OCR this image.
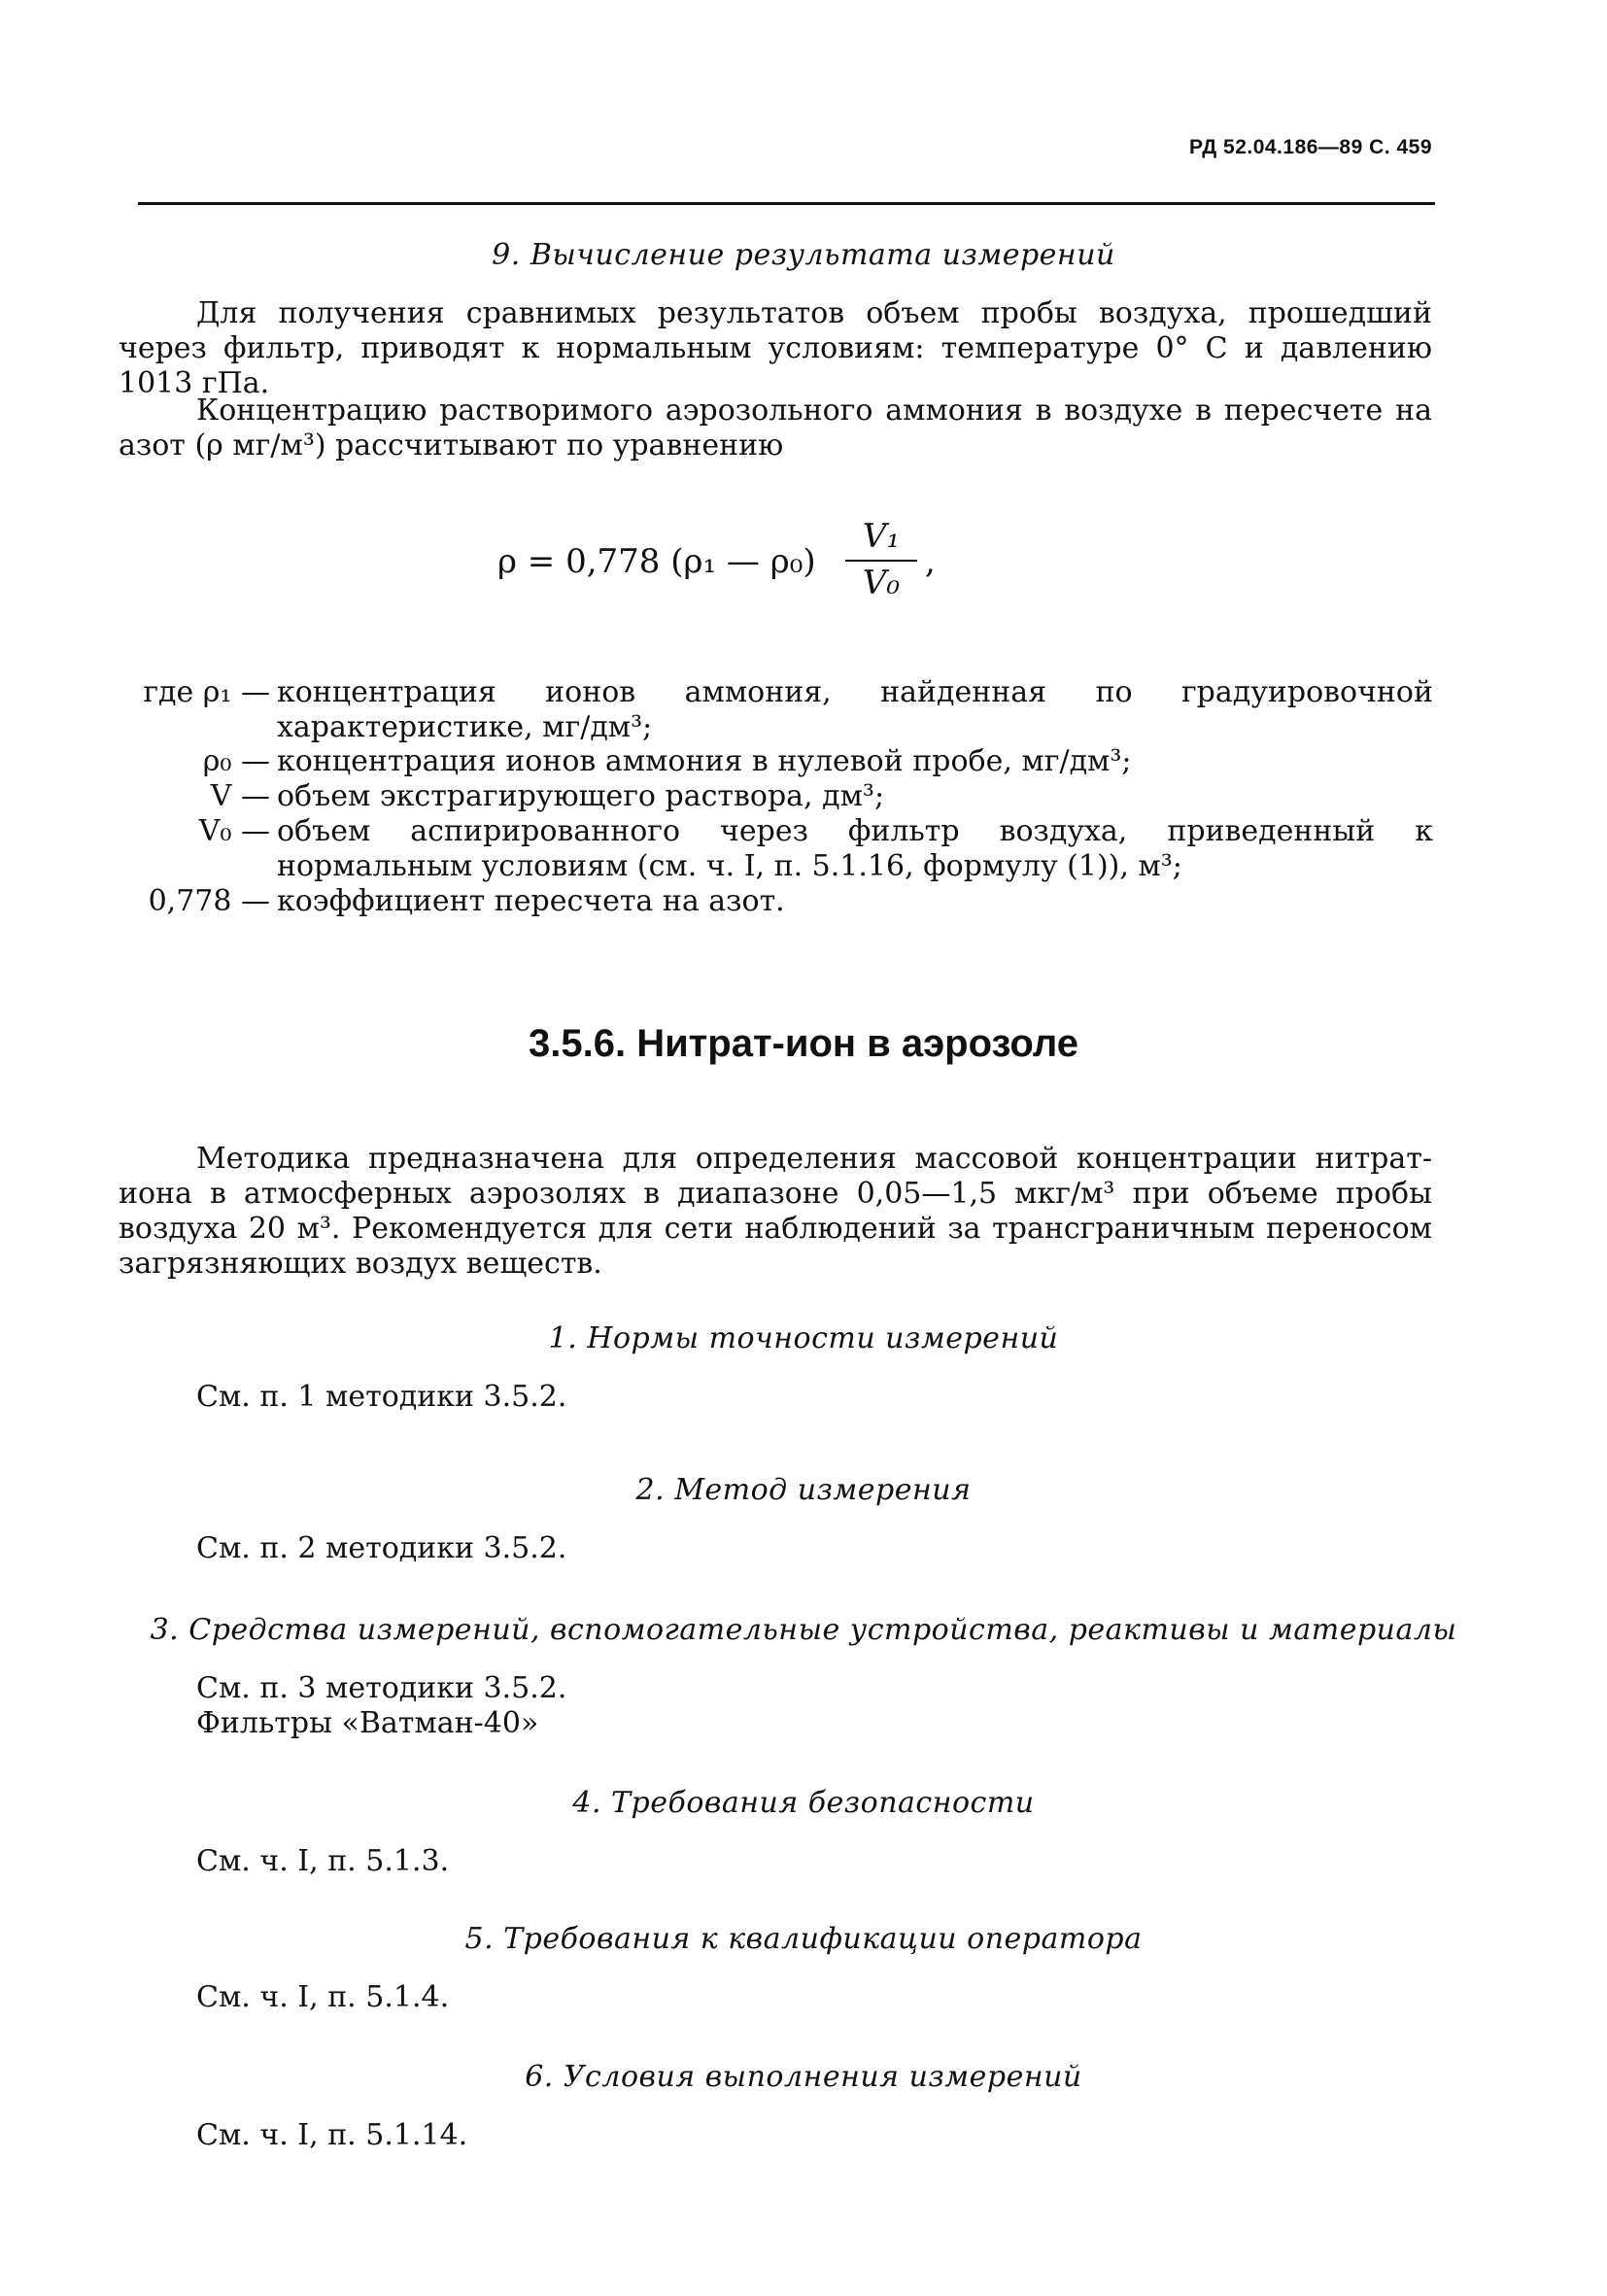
РД 52.04.186—89 С. 459
9. Вычисление результата измерений
Для получения сравнимых результатов объем пробы воздуха, прошедший через фильтр, приводят к нормальным условиям: температуре 0° С и давлению 1013 гПа.
Концентрацию растворимого аэрозольного аммония в воздухе в пересчете на азот (ρ мг/м³) рассчитывают по уравнению
ρ = 0,778 (ρ₁ — ρ₀)
V₁
V₀
,
где ρ₁ — концентрация ионов аммония, найденная по градуировочной характеристике, мг/дм³;
ρ₀ — концентрация ионов аммония в нулевой пробе, мг/дм³;
V — объем экстрагирующего раствора, дм³;
V₀ — объем аспирированного через фильтр воздуха, приведенный к нормальным условиям (см. ч. I, п. 5.1.16, формулу (1)), м³;
0,778 — коэффициент пересчета на азот.
3.5.6. Нитрат-ион в аэрозоле
Методика предназначена для определения массовой концентрации нитрат-иона в атмосферных аэрозолях в диапазоне 0,05—1,5 мкг/м³ при объеме пробы воздуха 20 м³. Рекомендуется для сети наблюдений за трансграничным переносом загрязняющих воздух веществ.
1. Нормы точности измерений
См. п. 1 методики 3.5.2.
2. Метод измерения
См. п. 2 методики 3.5.2.
3. Средства измерений, вспомогательные устройства, реактивы и материалы
См. п. 3 методики 3.5.2.
Фильтры «Ватман-40»
4. Требования безопасности
См. ч. I, п. 5.1.3.
5. Требования к квалификации оператора
См. ч. I, п. 5.1.4.
6. Условия выполнения измерений
См. ч. I, п. 5.1.14.
